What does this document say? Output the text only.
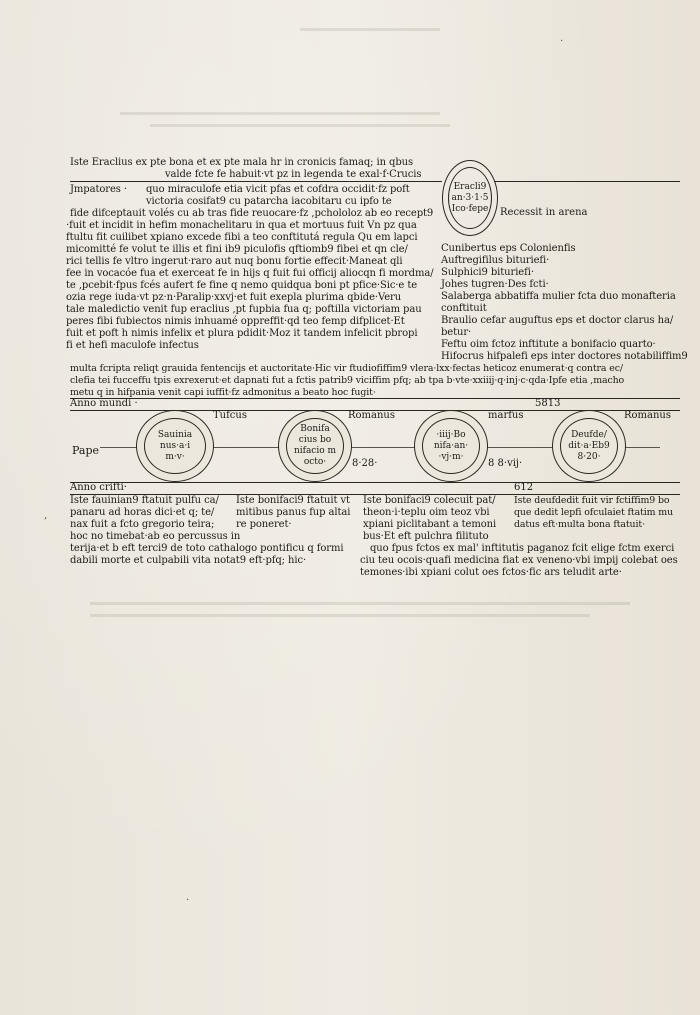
Iste Eraclius ex pte bona et ex pte mala hr in cronicis famaq; in qbus
valde fcte fe habuit·vt pz in legenda te exal·f·Crucis
Eracli9
an·3·1·5
Ico·fepe Recessit in arena
Jmpatores · quo miraculofe etia vicit pfas et cofdra occidit·fz poft
victoria cosifat9 cu patarcha iacobitaru cu ipfo te
fide difceptauit volés cu ab tras fide reuocare·fz ,pchololoz ab eo recept9
·fuit et incidit in hefim monachelitaru in qua et mortuus fuit Vn pz qua
ftultu fit cuilibet xpiano excede fibi a teo conftitutá regula Qu em lapci
micomitté fe volut te illis et fini ib9 piculofis qftiomb9 fibei et qn cle/
rici tellis fe vltro ingerut·raro aut nuq bonu fortie effecit·Maneat qli
fee in vocacóe fua et exerceat fe in hijs q fuit fui officij aliocqn fi mordma/
te ,pcebit·fpus fcés aufert fe fine q nemo quidqua boni pt pfice·Sic·e te
ozia rege iuda·vt pz·n·Paralip·xxvj·et fuit exepla plurima qbide·Veru
tale maledictio venit fup eraclius ,pt fupbia fua q; poftilla victoriam pau
peres fibi fubiectos nimis inhuamé oppreffit·qd teo femp difplicet·Et
fuit et poft h nimis infelix et plura pdidit·Moz it tandem infelicit pbropi
fi et hefi maculofe infectus
Cunibertus eps Colonienfis
Auftregifilus bituriefi·
Sulphici9 bituriefi·
Johes tugren·Des fcti·
Salaberga abbatiffa mulier fcta duo monafteria
conftituit
Braulio cefar auguftus eps et doctor clarus ha/
betur·
Feftu oim fctoz inftitute a bonifacio quarto·
Hifocrus hifpalefi eps inter doctores notabiliffim9
multa fcripta reliqt grauida fentencijs et auctoritate·Hic vir ftudiofiffim9 vlera·lxx·fectas heticoz enumerat·q contra ec/
clefia tei fucceffu tpis exrexerut·et dapnati fut a fctis patrib9 viciffim pfq; ab tpa b·vte·xxiiij·q·inj·c·qda·Ipfe etia ,macho
metu q in hifpania venit capi iuffit·fz admonitus a beato hoc fugit·
Anno mundi ·	5813
Pape
Tufcus	Romanus	marfus	Romanus
Sauinia
nus·a·i
m·v·
Bonifa
cius bo
nifacio m
octo·	8·28·
·iiij·Bo
nifa·an·
·vj·m·
8 8·vij·
Deufde/
dit·a·Eb9
8·20·
Anno crifti·	612
Iste fauinian9 ftatuit pulfu ca/
panaru ad horas dici·et q; te/
nax fuit a fcto gregorio teira;
hoc no timebat·ab eo percussus in
terija·et b eft terci9 de toto cathalogo pontificu q formi
dabili morte et culpabili vita notat9 eft·pfq; hic·
Iste bonifaci9 ftatuit vt
mitibus panus fup altai
re poneret·
Iste bonifaci9 colecuit pat/
theon·i·teplu oim teoz vbi
xpiani piclitabant a temoni
bus·Et eft pulchra filituto
quo fpus fctos ex mal' inftitutis paganoz fcit elige fctm exerci
ciu teu ocois·quafi medicina fiat ex veneno·vbi impij colebat oes
temones·ibi xpiani colut oes fctos·fic ars teludit arte·
Iste deufdedit fuit vir fctiffim9 bo
que dedit lepfi ofculaiet ftatim mu
datus eft·multa bona ftatuit·
,
·
·
